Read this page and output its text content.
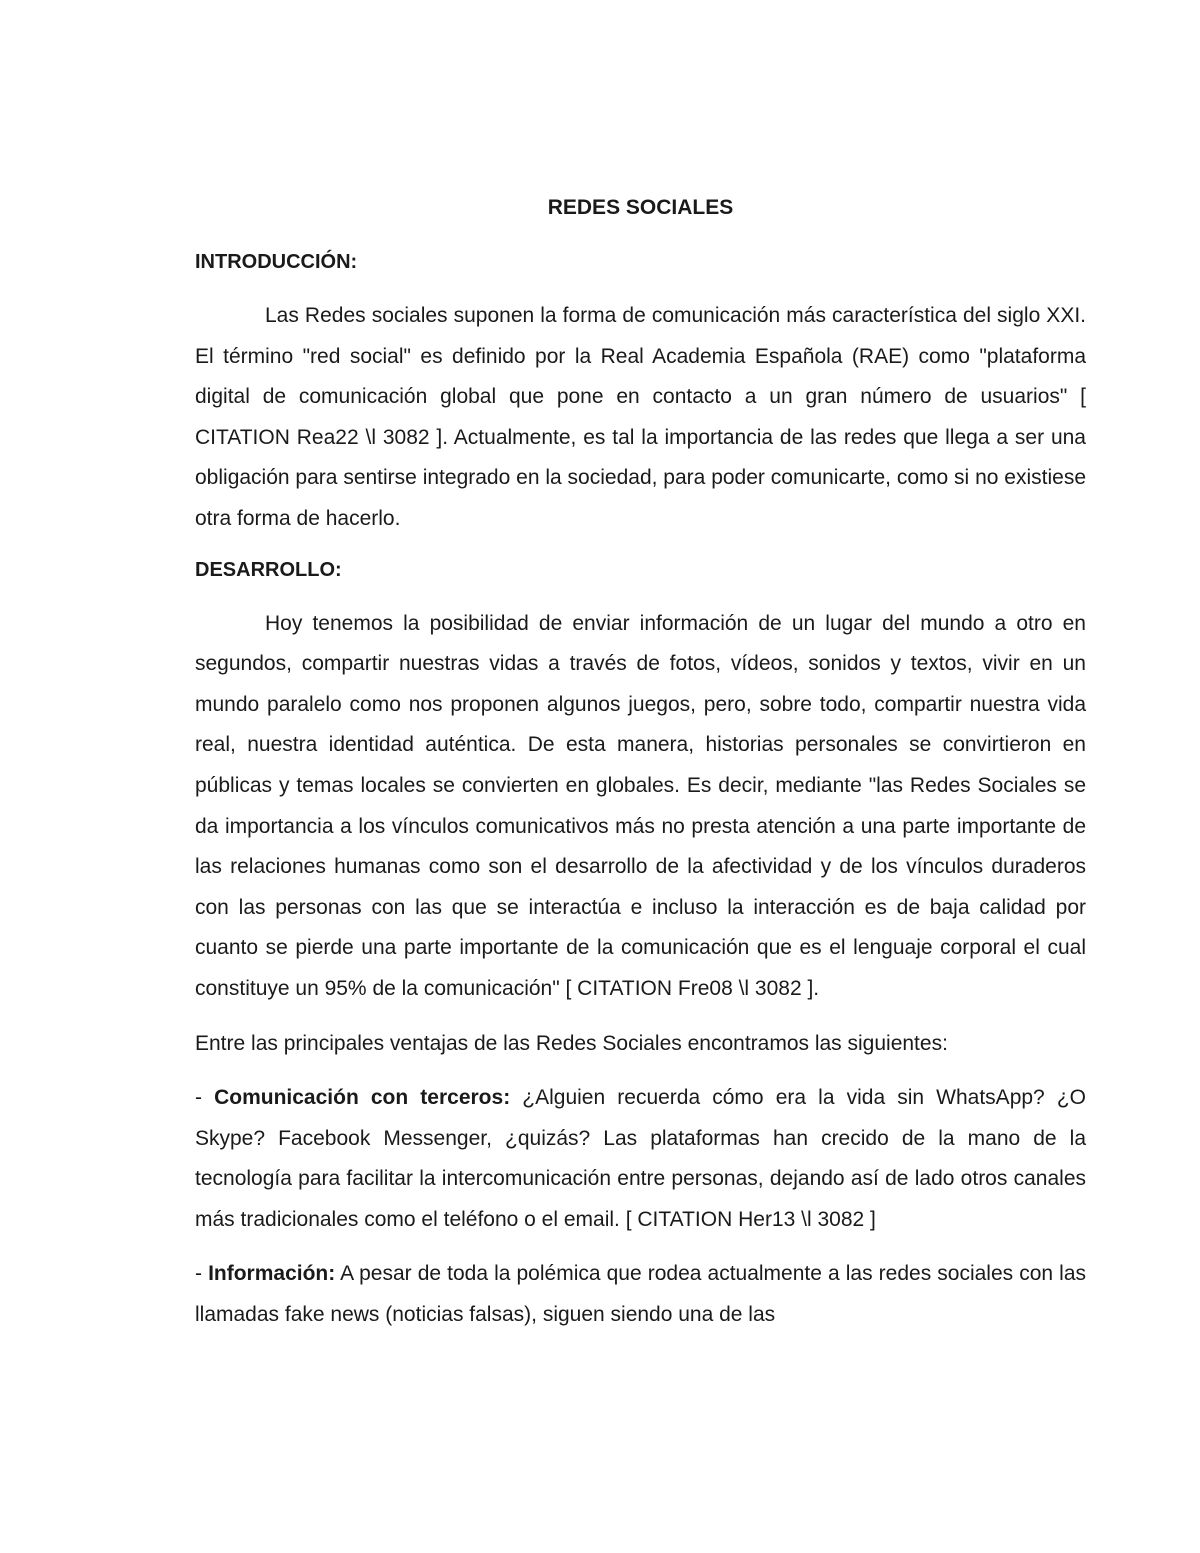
REDES SOCIALES
INTRODUCCIÓN:

Las Redes sociales suponen la forma de comunicación más característica del siglo XXI. El término "red social" es definido por la Real Academia Española (RAE) como "plataforma digital de comunicación global que pone en contacto a un gran número de usuarios" [ CITATION Rea22 \l 3082 ]. Actualmente, es tal la importancia de las redes que llega a ser una obligación para sentirse integrado en la sociedad, para poder comunicarte, como si no existiese otra forma de hacerlo.

DESARROLLO:

Hoy tenemos la posibilidad de enviar información de un lugar del mundo a otro en segundos, compartir nuestras vidas a través de fotos, vídeos, sonidos y textos, vivir en un mundo paralelo como nos proponen algunos juegos, pero, sobre todo, compartir nuestra vida real, nuestra identidad auténtica. De esta manera, historias personales se convirtieron en públicas y temas locales se convierten en globales. Es decir, mediante "las Redes Sociales se da importancia a los vínculos comunicativos más no presta atención a una parte importante de las relaciones humanas como son el desarrollo de la afectividad y de los vínculos duraderos con las personas con las que se interactúa e incluso la interacción es de baja calidad por cuanto se pierde una parte importante de la comunicación que es el lenguaje corporal el cual constituye un 95% de la comunicación" [ CITATION Fre08 \l 3082 ].

Entre las principales ventajas de las Redes Sociales encontramos las siguientes:

- Comunicación con terceros: ¿Alguien recuerda cómo era la vida sin WhatsApp? ¿O Skype? Facebook Messenger, ¿quizás? Las plataformas han crecido de la mano de la tecnología para facilitar la intercomunicación entre personas, dejando así de lado otros canales más tradicionales como el teléfono o el email. [ CITATION Her13 \l 3082 ]

- Información: A pesar de toda la polémica que rodea actualmente a las redes sociales con las llamadas fake news (noticias falsas), siguen siendo una de las
